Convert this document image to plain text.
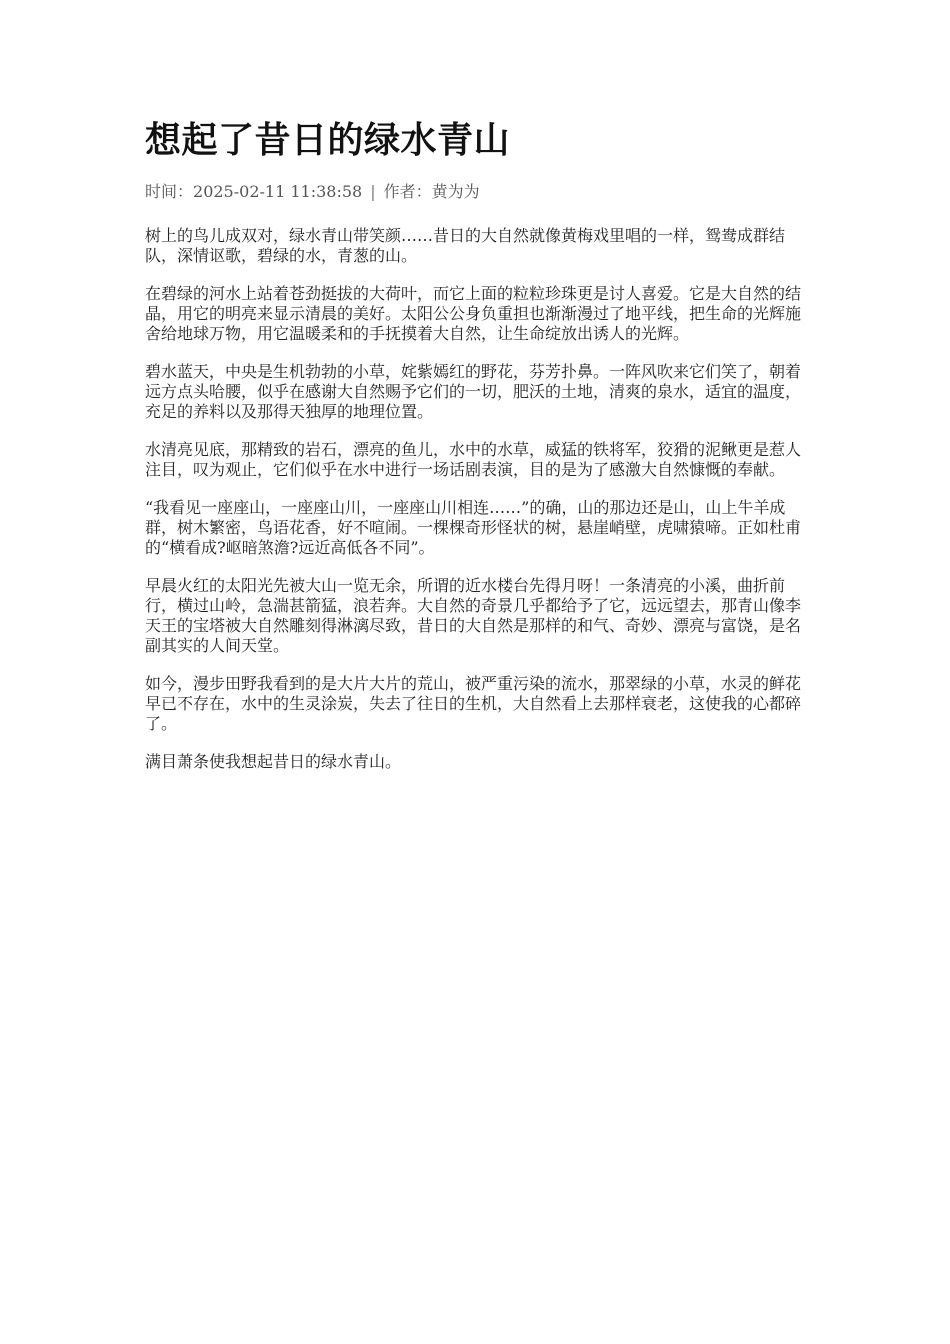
想起了昔日的绿水青山
时间：2025-02-11 11:38:58 | 作者：黄为为

树上的鸟儿成双对，绿水青山带笑颜……昔日的大自然就像黄梅戏里唱的一样，鸳鸯成群结队，深情讴歌，碧绿的水，青葱的山。

在碧绿的河水上站着苍劲挺拔的大荷叶，而它上面的粒粒珍珠更是讨人喜爱。它是大自然的结晶，用它的明亮来显示清晨的美好。太阳公公身负重担也渐渐漫过了地平线，把生命的光辉施舍给地球万物，用它温暖柔和的手抚摸着大自然，让生命绽放出诱人的光辉。

碧水蓝天，中央是生机勃勃的小草，姹紫嫣红的野花，芬芳扑鼻。一阵风吹来它们笑了，朝着远方点头哈腰，似乎在感谢大自然赐予它们的一切，肥沃的土地，清爽的泉水，适宜的温度，充足的养料以及那得天独厚的地理位置。

水清亮见底，那精致的岩石，漂亮的鱼儿，水中的水草，威猛的铁将军，狡猾的泥鳅更是惹人注目，叹为观止，它们似乎在水中进行一场话剧表演，目的是为了感激大自然慷慨的奉献。

“我看见一座座山，一座座山川，一座座山川相连……”的确，山的那边还是山，山上牛羊成群，树木繁密，鸟语花香，好不喧闹。一棵棵奇形怪状的树，悬崖峭壁，虎啸猿啼。正如杜甫的“横看成?岖暗煞澹?远近高低各不同”。

早晨火红的太阳光先被大山一览无余，所谓的近水楼台先得月呀！一条清亮的小溪，曲折前行，横过山岭，急湍甚箭猛，浪若奔。大自然的奇景几乎都给予了它，远远望去，那青山像李天王的宝塔被大自然雕刻得淋漓尽致，昔日的大自然是那样的和气、奇妙、漂亮与富饶，是名副其实的人间天堂。

如今，漫步田野我看到的是大片大片的荒山，被严重污染的流水，那翠绿的小草，水灵的鲜花早已不存在，水中的生灵涂炭，失去了往日的生机，大自然看上去那样衰老，这使我的心都碎了。

满目萧条使我想起昔日的绿水青山。
